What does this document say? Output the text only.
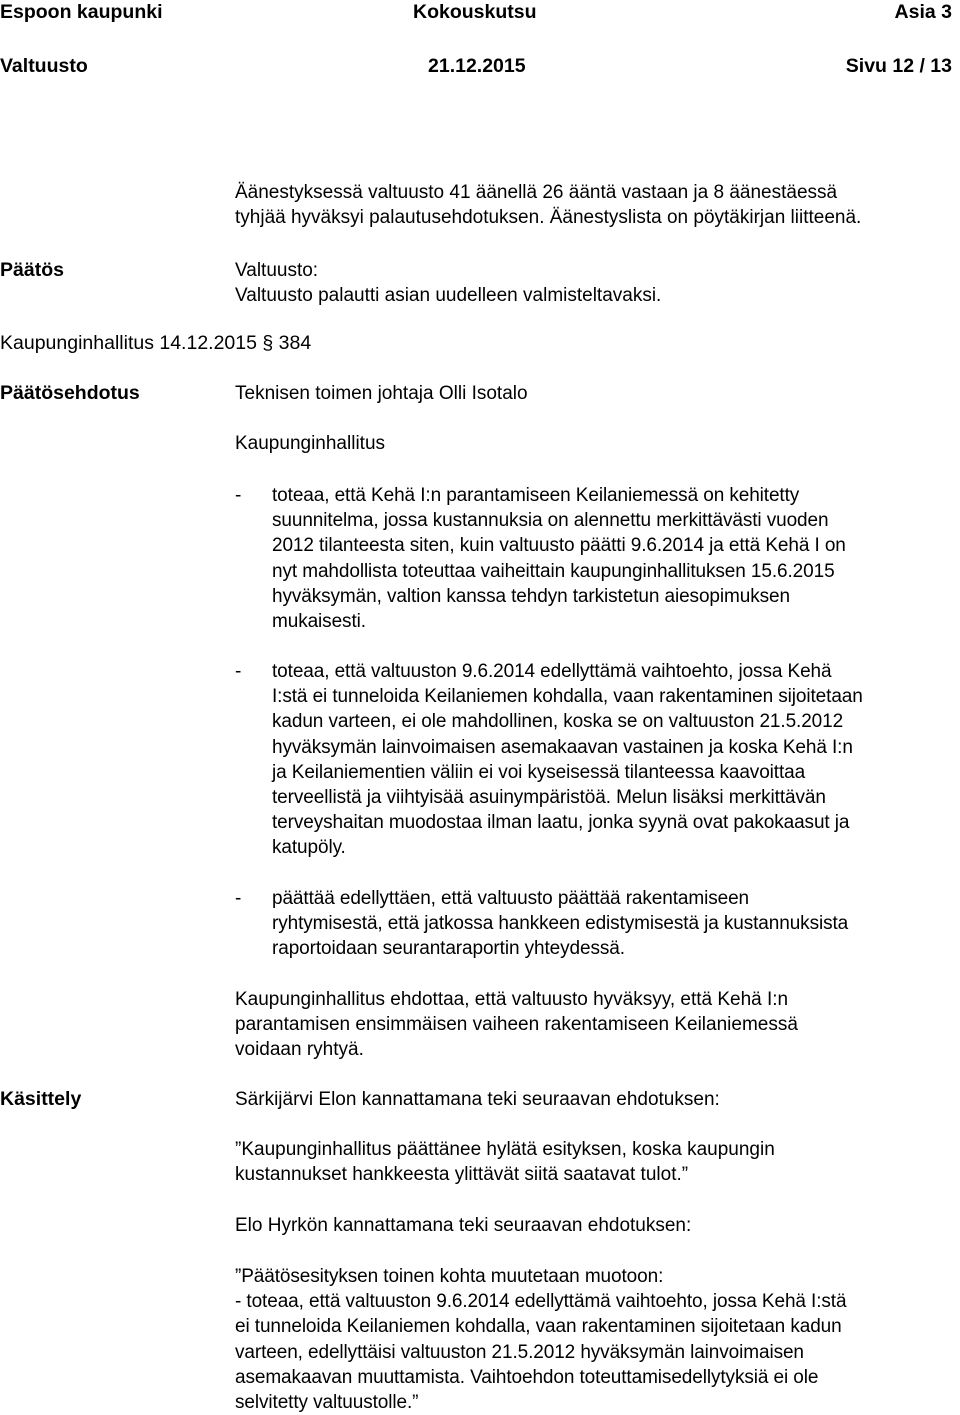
Espoon kaupunki	Kokouskutsu	Asia 3
Valtuusto	21.12.2015	Sivu 12 / 13
Äänestyksessä valtuusto 41 äänellä 26 ääntä vastaan ja 8 äänestäessä
tyhjää hyväksyi palautusehdotuksen. Äänestyslista on pöytäkirjan liitteenä.
Päätös	Valtuusto:
Valtuusto palautti asian uudelleen valmisteltavaksi.
Kaupunginhallitus 14.12.2015 § 384
Päätösehdotus	Teknisen toimen johtaja Olli Isotalo
Kaupunginhallitus
- toteaa, että Kehä I:n parantamiseen Keilaniemessä on kehitetty
suunnitelma, jossa kustannuksia on alennettu merkittävästi vuoden
2012 tilanteesta siten, kuin valtuusto päätti 9.6.2014 ja että Kehä I on
nyt mahdollista toteuttaa vaiheittain kaupunginhallituksen 15.6.2015
hyväksymän, valtion kanssa tehdyn tarkistetun aiesopimuksen
mukaisesti.
- toteaa, että valtuuston 9.6.2014 edellyttämä vaihtoehto, jossa Kehä
I:stä ei tunneloida Keilaniemen kohdalla, vaan rakentaminen sijoitetaan
kadun varteen, ei ole mahdollinen, koska se on valtuuston 21.5.2012
hyväksymän lainvoimaisen asemakaavan vastainen ja koska Kehä I:n
ja Keilaniementien väliin ei voi kyseisessä tilanteessa kaavoittaa
terveellistä ja viihtyisää asuinympäristöä. Melun lisäksi merkittävän
terveyshaitan muodostaa ilman laatu, jonka syynä ovat pakokaasut ja
katupöly.
- päättää edellyttäen, että valtuusto päättää rakentamiseen
ryhtymisestä, että jatkossa hankkeen edistymisestä ja kustannuksista
raportoidaan seurantaraportin yhteydessä.
Kaupunginhallitus ehdottaa, että valtuusto hyväksyy, että Kehä I:n
parantamisen ensimmäisen vaiheen rakentamiseen Keilaniemessä
voidaan ryhtyä.
Käsittely	Särkijärvi Elon kannattamana teki seuraavan ehdotuksen:
”Kaupunginhallitus päättänee hylätä esityksen, koska kaupungin
kustannukset hankkeesta ylittävät siitä saatavat tulot.”
Elo Hyrkön kannattamana teki seuraavan ehdotuksen:
”Päätösesityksen toinen kohta muutetaan muotoon:
- toteaa, että valtuuston 9.6.2014 edellyttämä vaihtoehto, jossa Kehä I:stä
ei tunneloida Keilaniemen kohdalla, vaan rakentaminen sijoitetaan kadun
varteen, edellyttäisi valtuuston 21.5.2012 hyväksymän lainvoimaisen
asemakaavan muuttamista. Vaihtoehdon toteuttamisedellytyksiä ei ole
selvitetty valtuustolle.”
